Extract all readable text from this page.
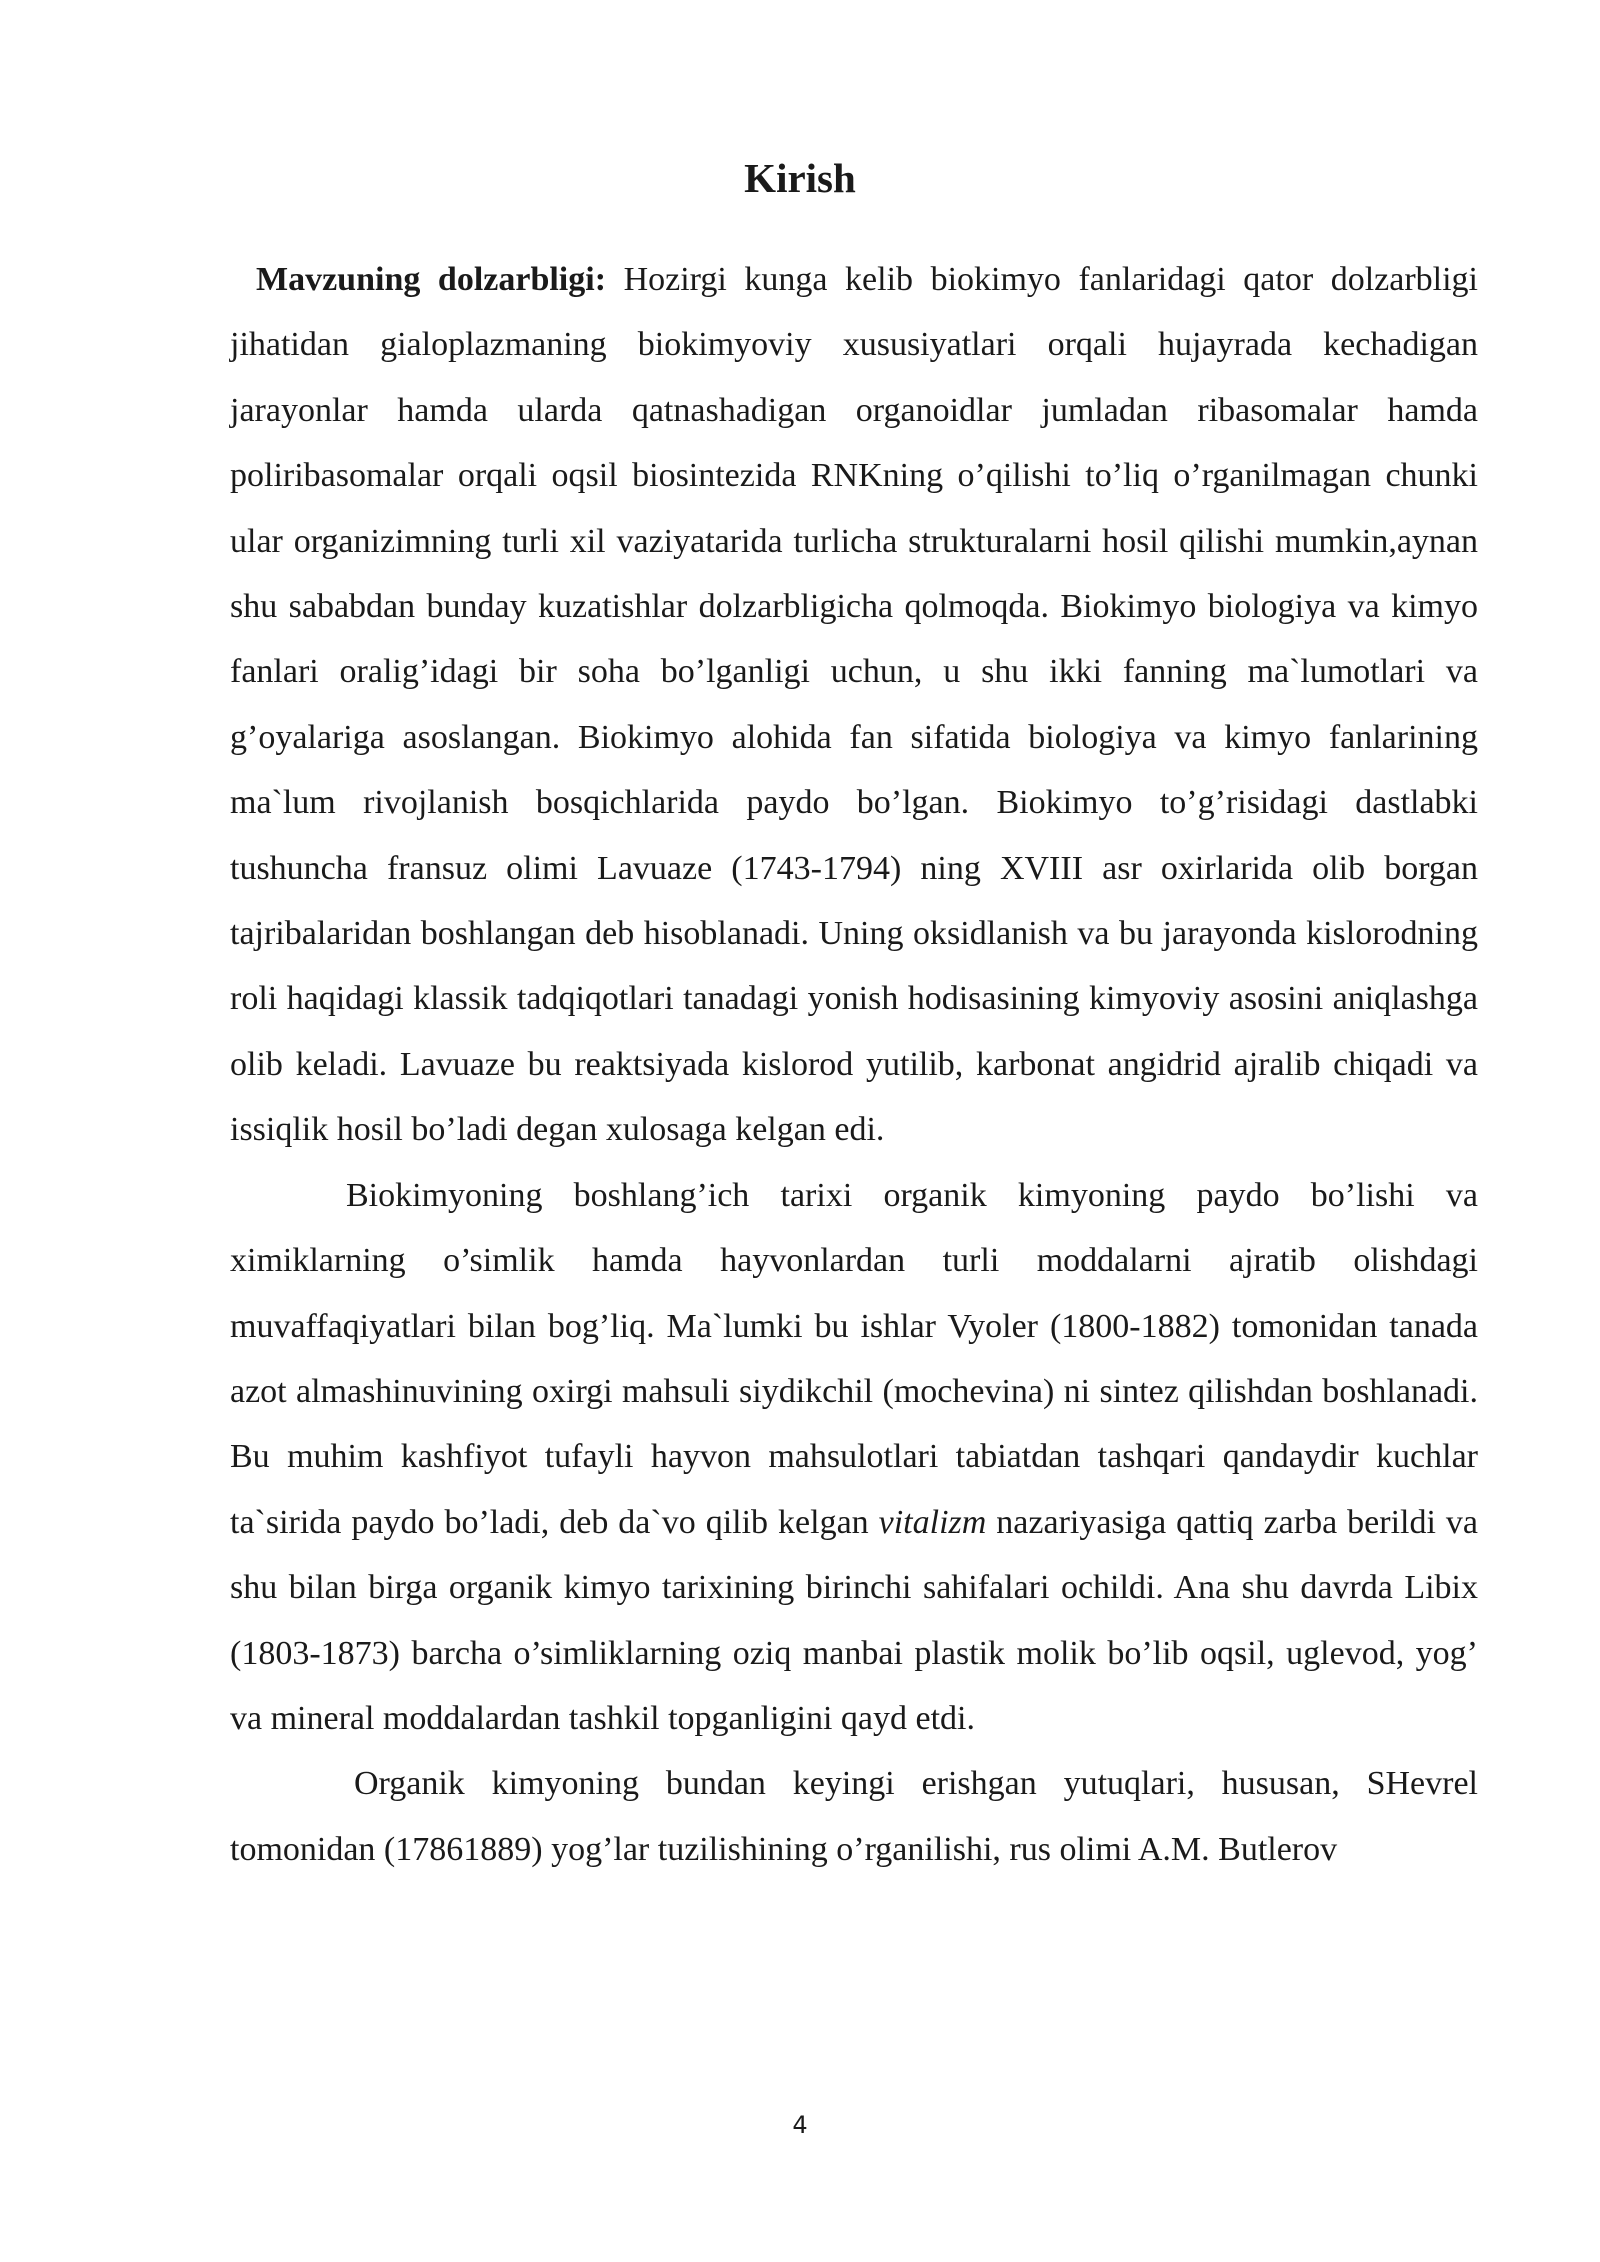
Kirish

Mavzuning dolzarbligi: Hozirgi kunga kelib biokimyo fanlaridagi qator dolzarbligi jihatidan gialoplazmaning biokimyoviy xususiyatlari orqali hujayrada kechadigan jarayonlar hamda ularda qatnashadigan organoidlar jumladan ribasomalar hamda poliribasomalar orqali oqsil biosintezida RNKning o’qilishi to’liq o’rganilmagan chunki ular organizimning turli xil vaziyatarida turlicha strukturalarni hosil qilishi mumkin,aynan shu sababdan bunday kuzatishlar dolzarbligicha qolmoqda. Biokimyo biologiya va kimyo fanlari oralig’idagi bir soha bo’lganligi uchun, u shu ikki fanning ma`lumotlari va g’oyalariga asoslangan. Biokimyo alohida fan sifatida biologiya va kimyo fanlarining ma`lum rivojlanish bosqichlarida paydo bo’lgan. Biokimyo to’g’risidagi dastlabki tushuncha fransuz olimi Lavuaze (1743-1794) ning XVIII asr oxirlarida olib borgan tajribalaridan boshlangan deb hisoblanadi. Uning oksidlanish va bu jarayonda kislorodning roli haqidagi klassik tadqiqotlari tanadagi yonish hodisasining kimyoviy asosini aniqlashga olib keladi. Lavuaze bu reaktsiyada kislorod yutilib, karbonat angidrid ajralib chiqadi va issiqlik hosil bo’ladi degan xulosaga kelgan edi.

Biokimyoning boshlang’ich tarixi organik kimyoning paydo bo’lishi va ximiklarning o’simlik hamda hayvonlardan turli moddalarni ajratib olishdagi muvaffaqiyatlari bilan bog’liq. Ma`lumki bu ishlar Vyoler (1800-1882) tomonidan tanada azot almashinuvining oxirgi mahsuli siydikchil (mochevina) ni sintez qilishdan boshlanadi. Bu muhim kashfiyot tufayli hayvon mahsulotlari tabiatdan tashqari qandaydir kuchlar ta`sirida paydo bo’ladi, deb da`vo qilib kelgan vitalizm nazariyasiga qattiq zarba berildi va shu bilan birga organik kimyo tarixining birinchi sahifalari ochildi. Ana shu davrda Libix (1803-1873) barcha o’simliklarning oziq manbai plastik molik bo’lib oqsil, uglevod, yog’ va mineral moddalardan tashkil topganligini qayd etdi.

Organik kimyoning bundan keyingi erishgan yutuqlari, hususаn, SHevrel tomonidan (17861889) yog’lar tuzilishining o’rganilishi, rus olimi A.M. Butlerov

4
